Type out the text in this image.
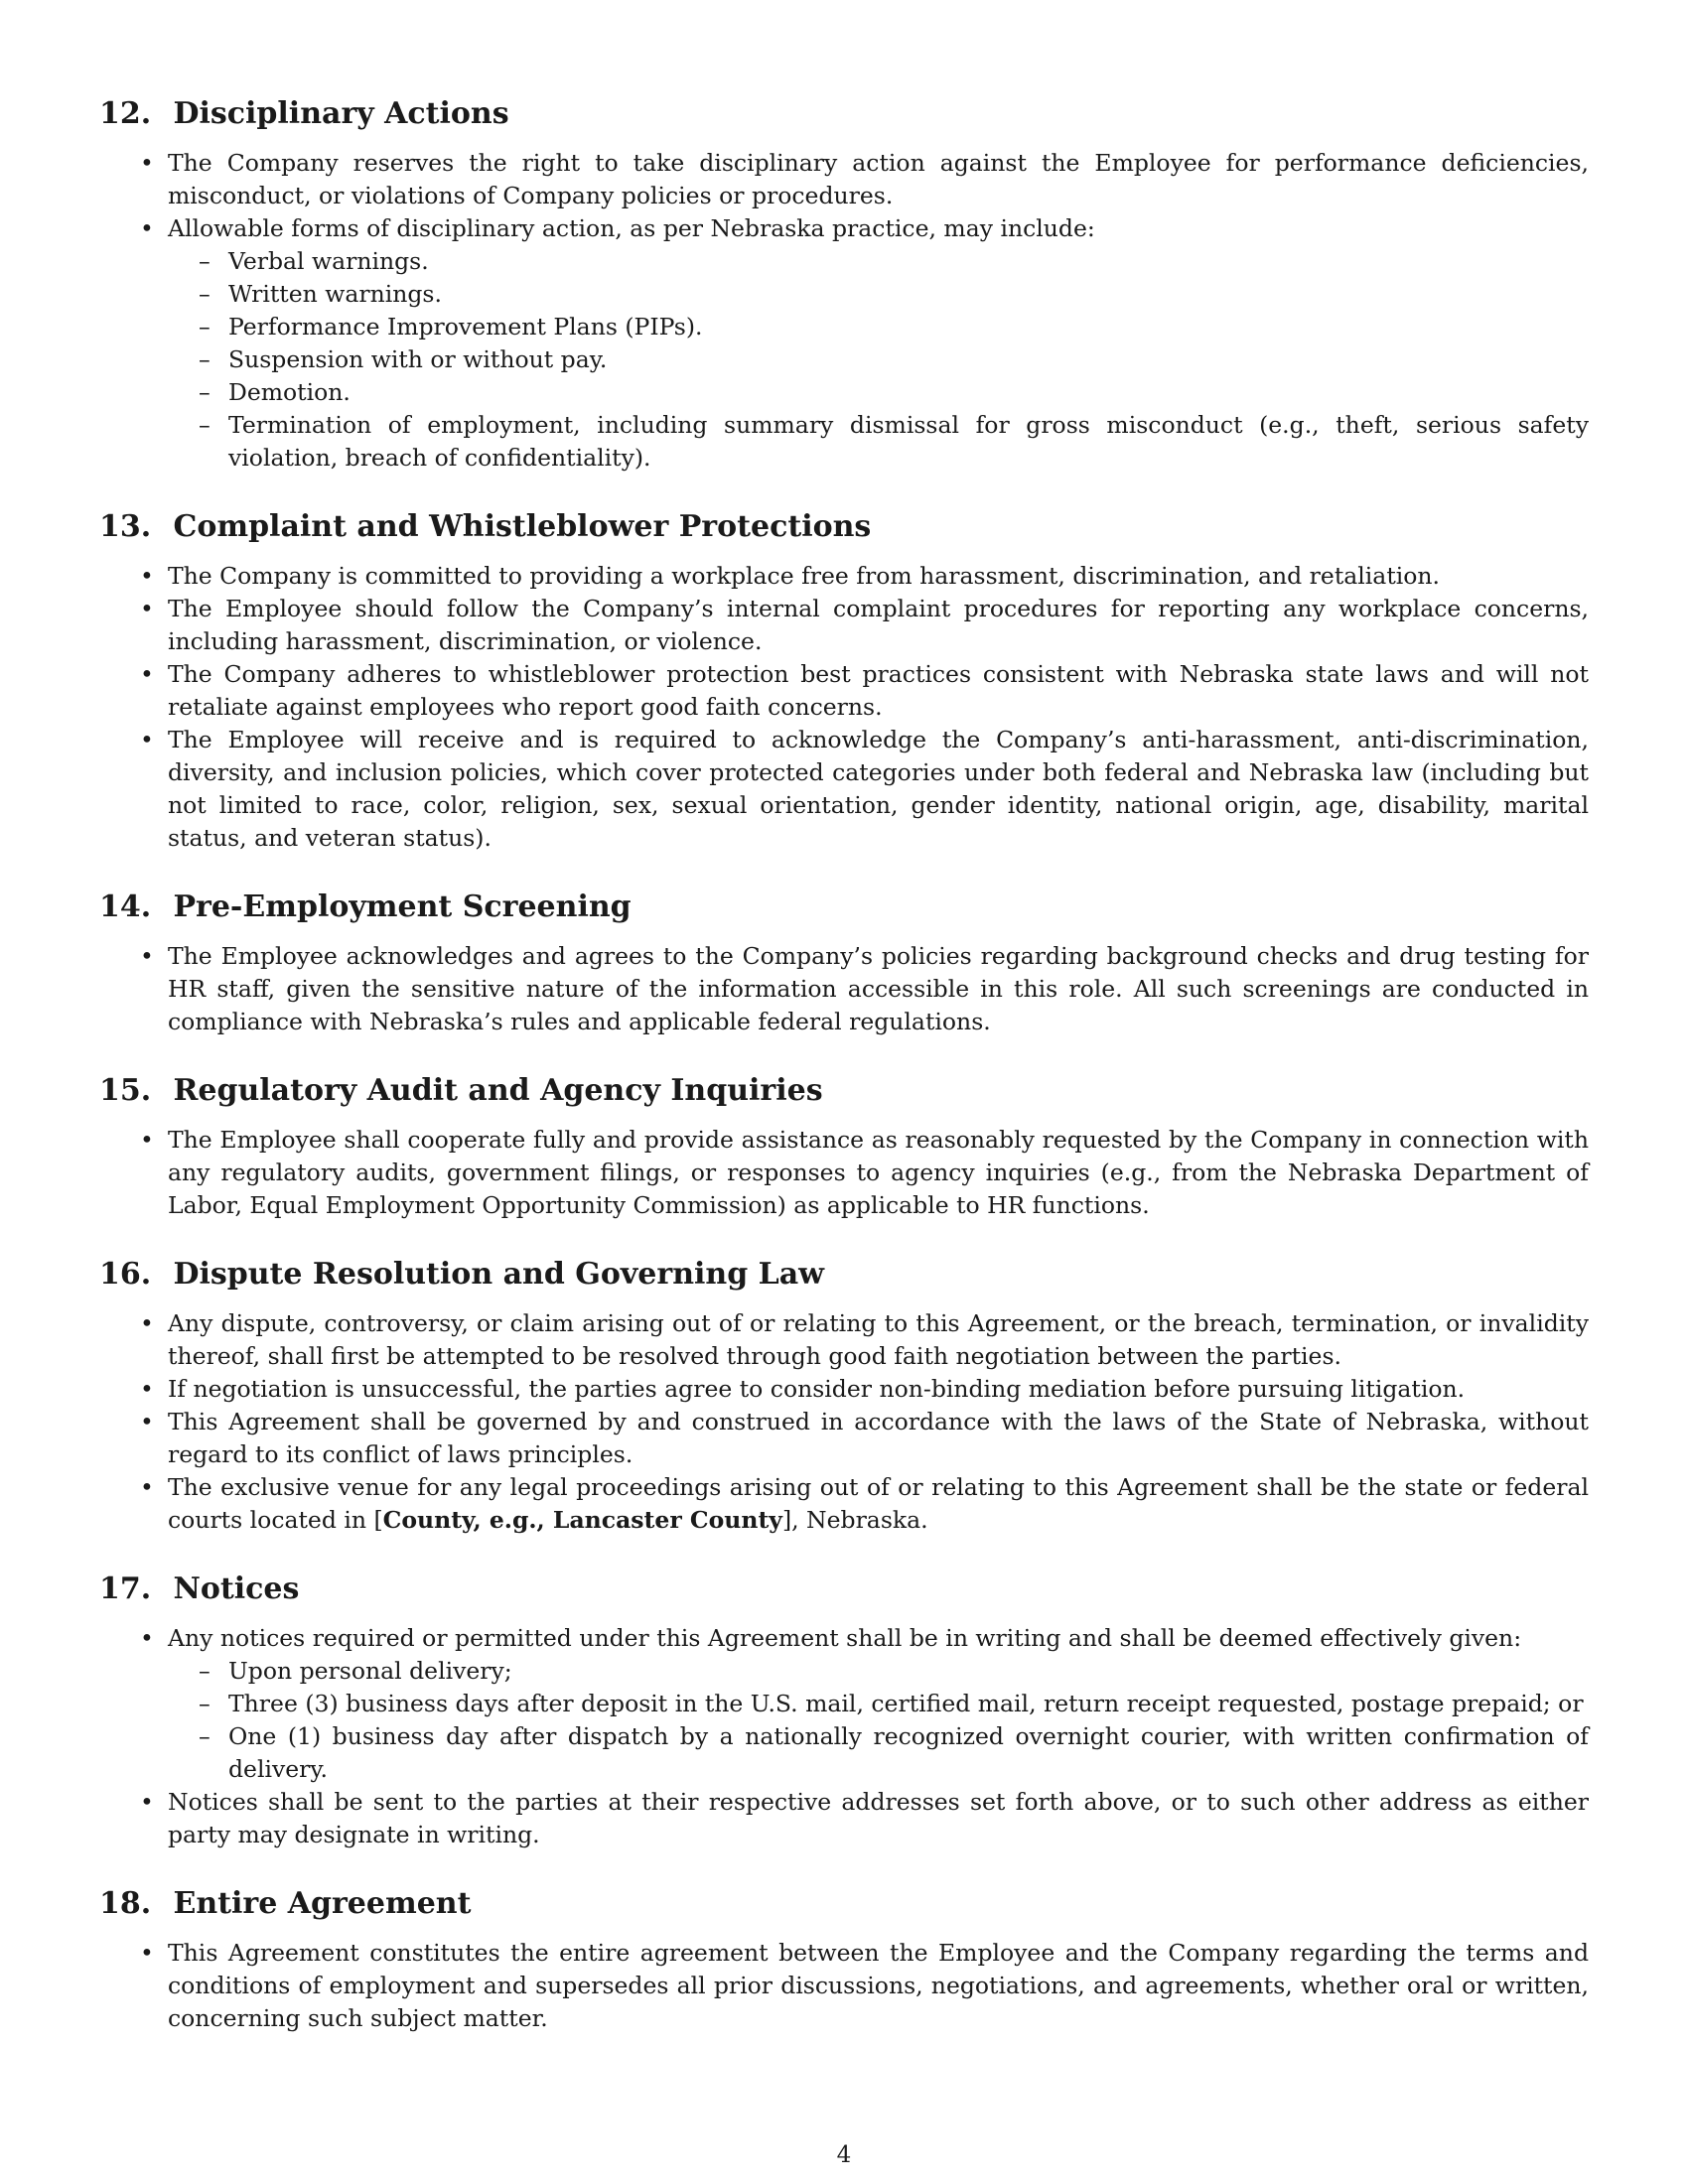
12. Disciplinary Actions
• The Company reserves the right to take disciplinary action against the Employee for performance deficiencies, misconduct, or violations of Company policies or procedures.
• Allowable forms of disciplinary action, as per Nebraska practice, may include:
– Verbal warnings.
– Written warnings.
– Performance Improvement Plans (PIPs).
– Suspension with or without pay.
– Demotion.
– Termination of employment, including summary dismissal for gross misconduct (e.g., theft, serious safety violation, breach of confidentiality).
13. Complaint and Whistleblower Protections
• The Company is committed to providing a workplace free from harassment, discrimination, and retaliation.
• The Employee should follow the Company’s internal complaint procedures for reporting any workplace concerns, including harassment, discrimination, or violence.
• The Company adheres to whistleblower protection best practices consistent with Nebraska state laws and will not retaliate against employees who report good faith concerns.
• The Employee will receive and is required to acknowledge the Company’s anti-harassment, anti-discrimination, diversity, and inclusion policies, which cover protected categories under both federal and Nebraska law (including but not limited to race, color, religion, sex, sexual orientation, gender identity, national origin, age, disability, marital status, and veteran status).
14. Pre-Employment Screening
• The Employee acknowledges and agrees to the Company’s policies regarding background checks and drug testing for HR staff, given the sensitive nature of the information accessible in this role. All such screenings are conducted in compliance with Nebraska’s rules and applicable federal regulations.
15. Regulatory Audit and Agency Inquiries
• The Employee shall cooperate fully and provide assistance as reasonably requested by the Company in connection with any regulatory audits, government filings, or responses to agency inquiries (e.g., from the Nebraska Department of Labor, Equal Employment Opportunity Commission) as applicable to HR functions.
16. Dispute Resolution and Governing Law
• Any dispute, controversy, or claim arising out of or relating to this Agreement, or the breach, termination, or invalidity thereof, shall first be attempted to be resolved through good faith negotiation between the parties.
• If negotiation is unsuccessful, the parties agree to consider non-binding mediation before pursuing litigation.
• This Agreement shall be governed by and construed in accordance with the laws of the State of Nebraska, without regard to its conflict of laws principles.
• The exclusive venue for any legal proceedings arising out of or relating to this Agreement shall be the state or federal courts located in [County, e.g., Lancaster County], Nebraska.
17. Notices
• Any notices required or permitted under this Agreement shall be in writing and shall be deemed effectively given:
– Upon personal delivery;
– Three (3) business days after deposit in the U.S. mail, certified mail, return receipt requested, postage prepaid; or
– One (1) business day after dispatch by a nationally recognized overnight courier, with written confirmation of delivery.
• Notices shall be sent to the parties at their respective addresses set forth above, or to such other address as either party may designate in writing.
18. Entire Agreement
• This Agreement constitutes the entire agreement between the Employee and the Company regarding the terms and conditions of employment and supersedes all prior discussions, negotiations, and agreements, whether oral or written, concerning such subject matter.
4
